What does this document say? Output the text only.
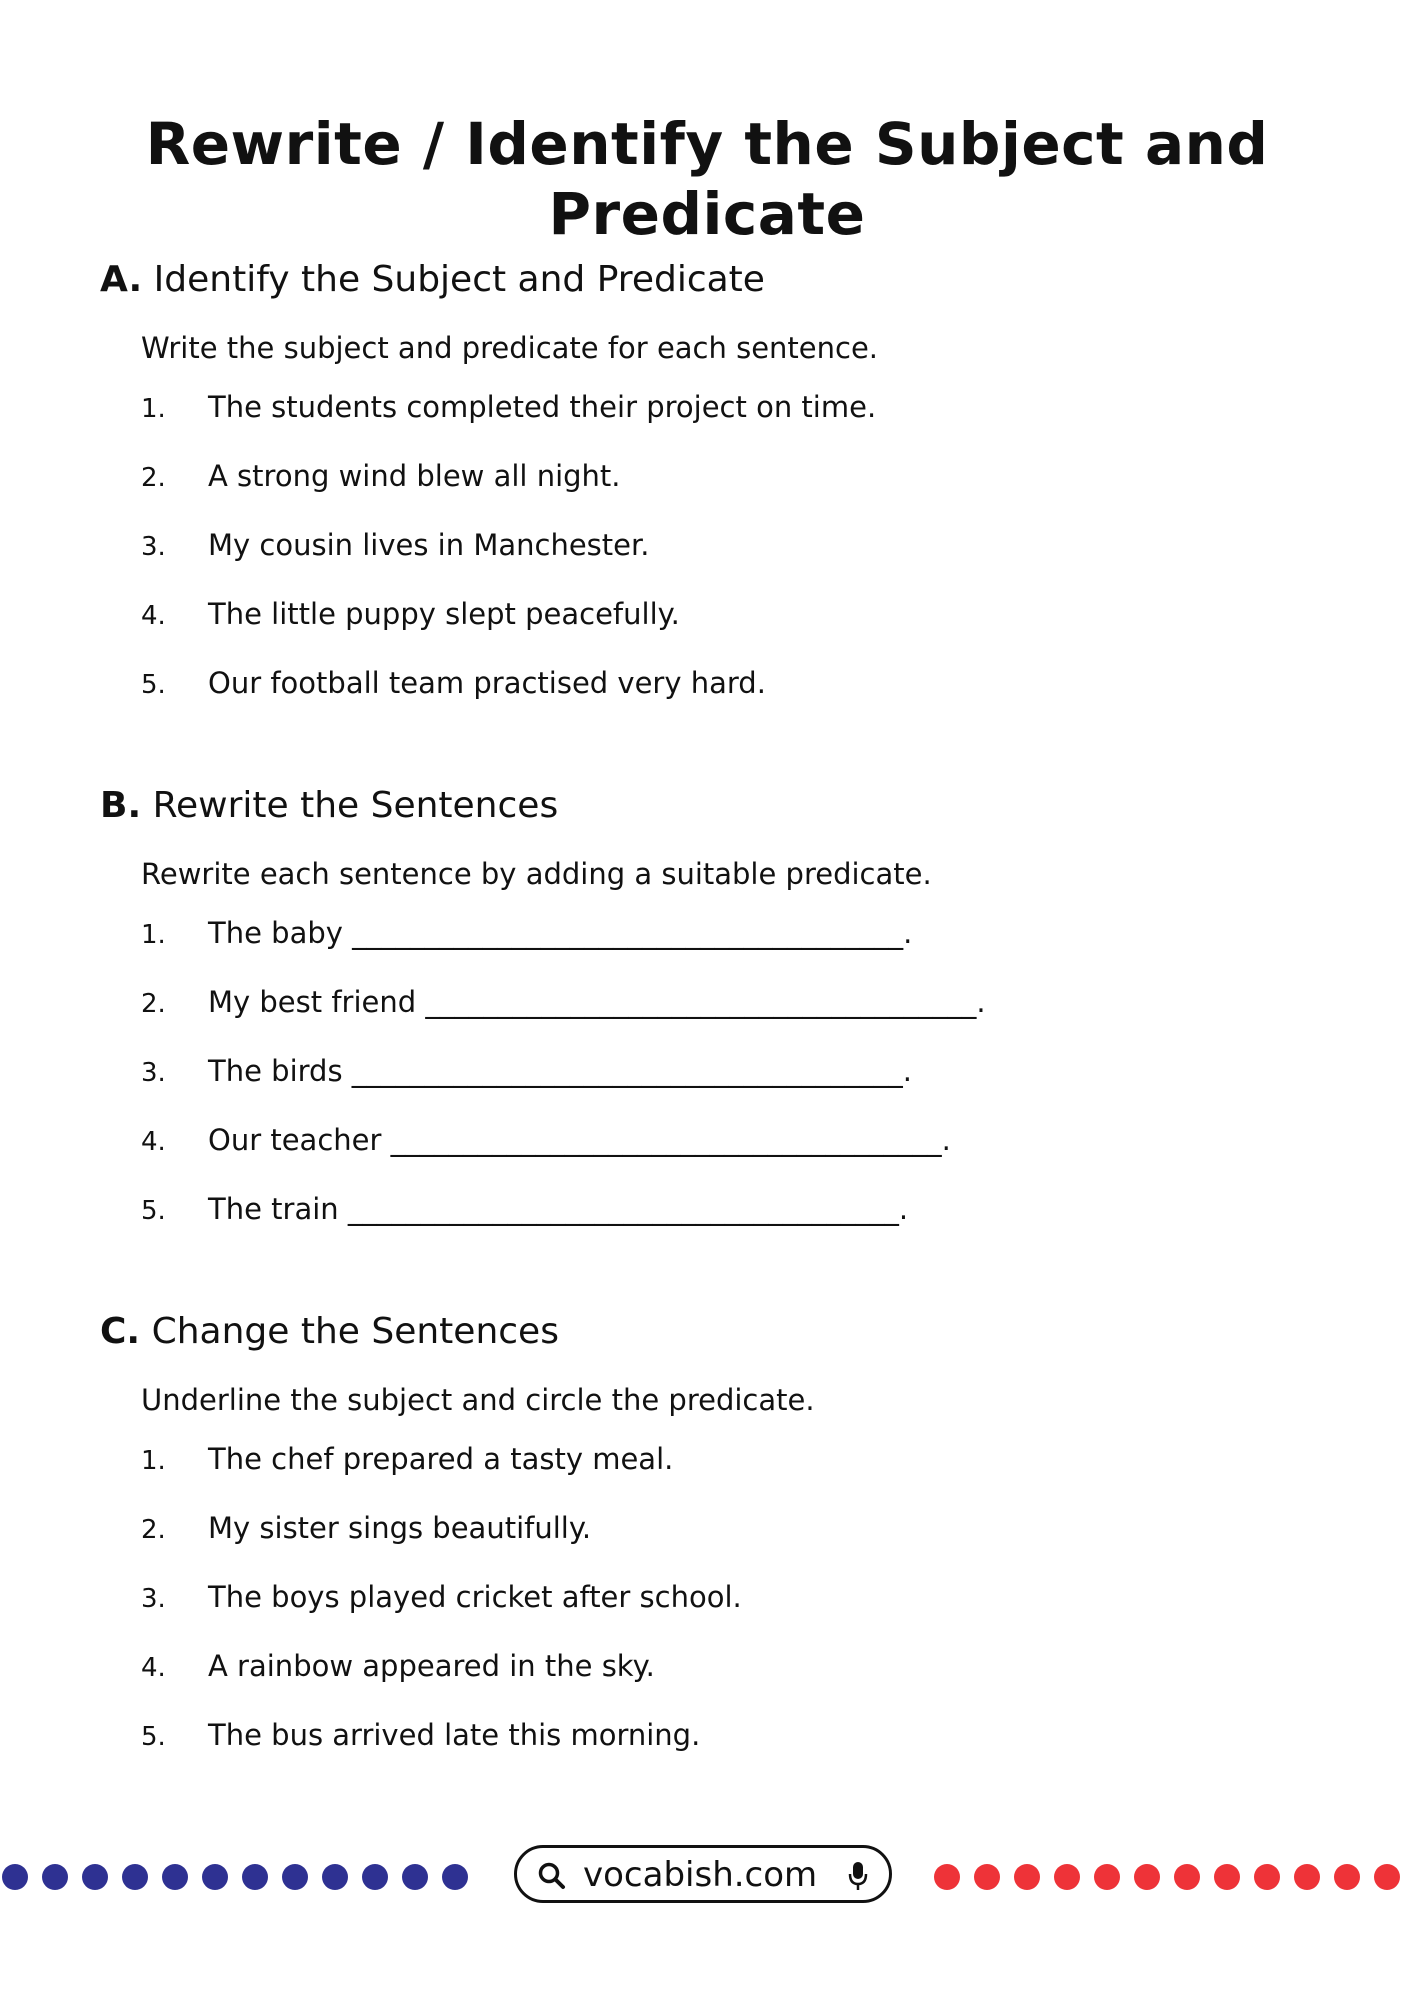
Rewrite / Identify the Subject and Predicate
A. Identify the Subject and Predicate

Write the subject and predicate for each sentence.

1.	The students completed their project on time.
2.	A strong wind blew all night.
3.	My cousin lives in Manchester.
4.	The little puppy slept peacefully.
5.	Our football team practised very hard.
B. Rewrite the Sentences

Rewrite each sentence by adding a suitable predicate.

1.	The baby ______________________________________.
2.	My best friend ______________________________________.
3.	The birds ______________________________________.
4.	Our teacher ______________________________________.
5.	The train ______________________________________.
C. Change the Sentences

Underline the subject and circle the predicate.

1.	The chef prepared a tasty meal.
2.	My sister sings beautifully.
3.	The boys played cricket after school.
4.	A rainbow appeared in the sky.
5.	The bus arrived late this morning.
vocabish.com
